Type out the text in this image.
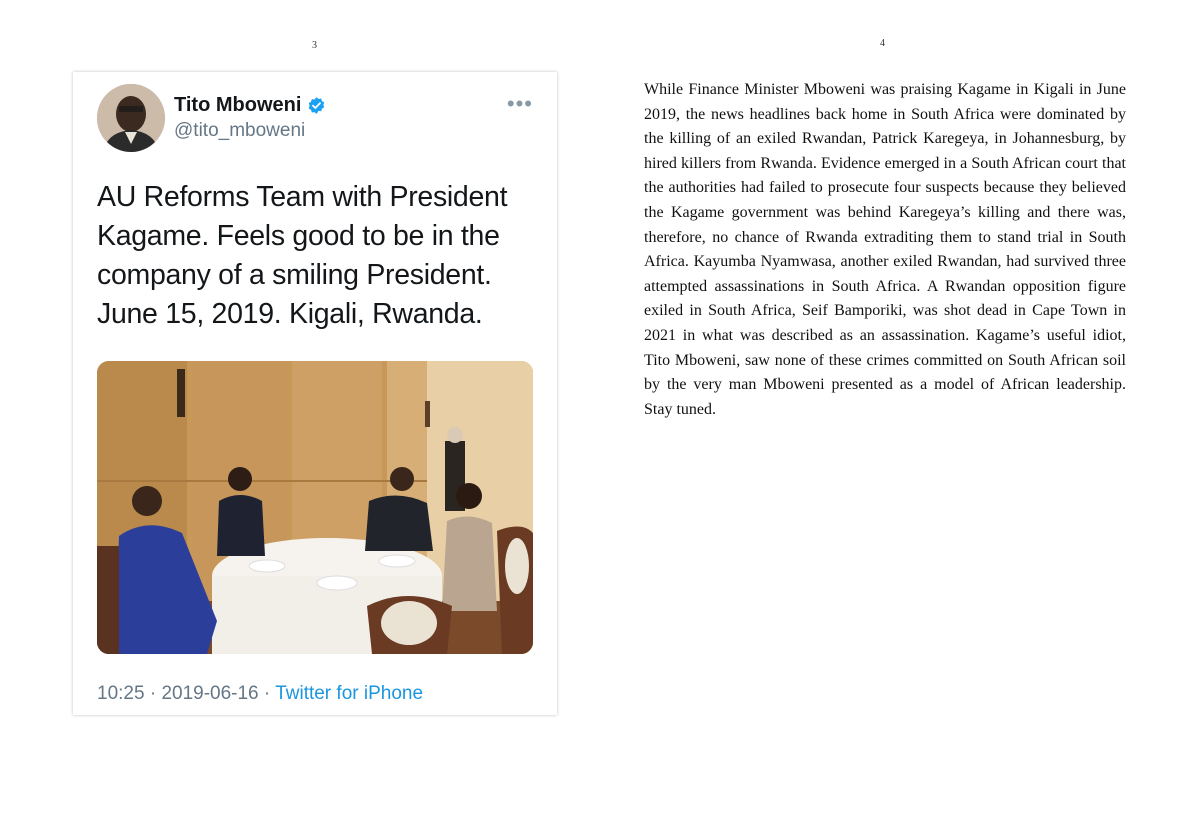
3	4
Tito Mboweni
@tito_mboweni
•••
AU Reforms Team with President Kagame. Feels good to be in the company of a smiling President. June 15, 2019. Kigali, Rwanda.
10:25 · 2019-06-16 · Twitter for iPhone
While Finance Minister Mboweni was praising Kagame in Kigali in June 2019, the news headlines back home in South Africa were dominated by the killing of an exiled Rwandan, Patrick Karegeya, in Johannesburg, by hired killers from Rwanda. Evidence emerged in a South African court that the authorities had failed to prosecute four suspects because they believed the Kagame government was behind Karegeya’s killing and there was, therefore, no chance of Rwanda extraditing them to stand trial in South Africa. Kayumba Nyamwasa, another exiled Rwandan, had survived three attempted assassinations in South Africa. A Rwandan opposition figure exiled in South Africa, Seif Bamporiki, was shot dead in Cape Town in 2021 in what was described as an assassination. Kagame’s useful idiot, Tito Mboweni, saw none of these crimes committed on South African soil by the very man Mboweni presented as a model of African leadership. Stay tuned.
